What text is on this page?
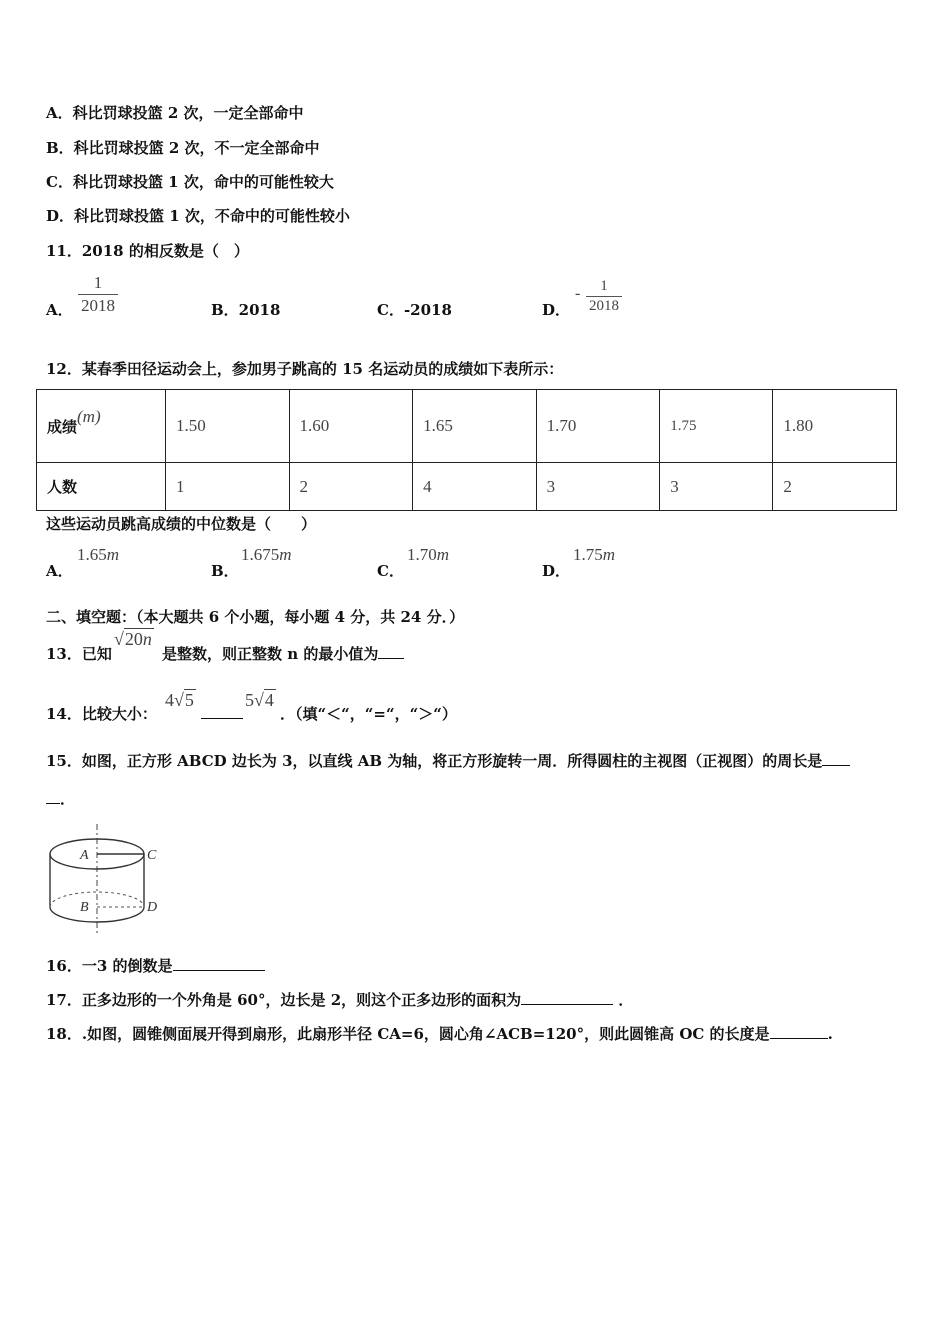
A．科比罚球投篮 2 次，一定全部命中
B．科比罚球投篮 2 次，不一定全部命中
C．科比罚球投篮 1 次，命中的可能性较大
D．科比罚球投篮 1 次，不命中的可能性较小
11．2018 的相反数是（　）
A．
1
2018	B．2018	C．-2018	D．
-	1
2018
12．某春季田径运动会上，参加男子跳高的 15 名运动员的成绩如下表所示：
成绩(m)	1.50	1.60	1.65	1.70	1.75	1.80
人数	1	2	4	3	3	2
这些运动员跳高成绩的中位数是（　　）
A．
1.65m
B．
1.675m
C．
1.70m
D．
1.75m
二、填空题：（本大题共 6 个小题，每小题 4 分，共 24 分．）
13．已知
√20n
是整数，则正整数 n 的最小值为
14．比较大小：
4√5	5√4
．（填“＜“，“=“，“＞“）
15．如图，正方形 ABCD 边长为 3，以直线 AB 为轴，将正方形旋转一周．所得圆柱的主视图（正视图）的周长是
．
A	C
B	D
16．一3 的倒数是
17．正多边形的一个外角是 60°，边长是 2，则这个正多边形的面积为	．
18．.如图，圆锥侧面展开得到扇形，此扇形半径 CA=6，圆心角∠ACB=120°，则此圆锥高 OC 的长度是	.
